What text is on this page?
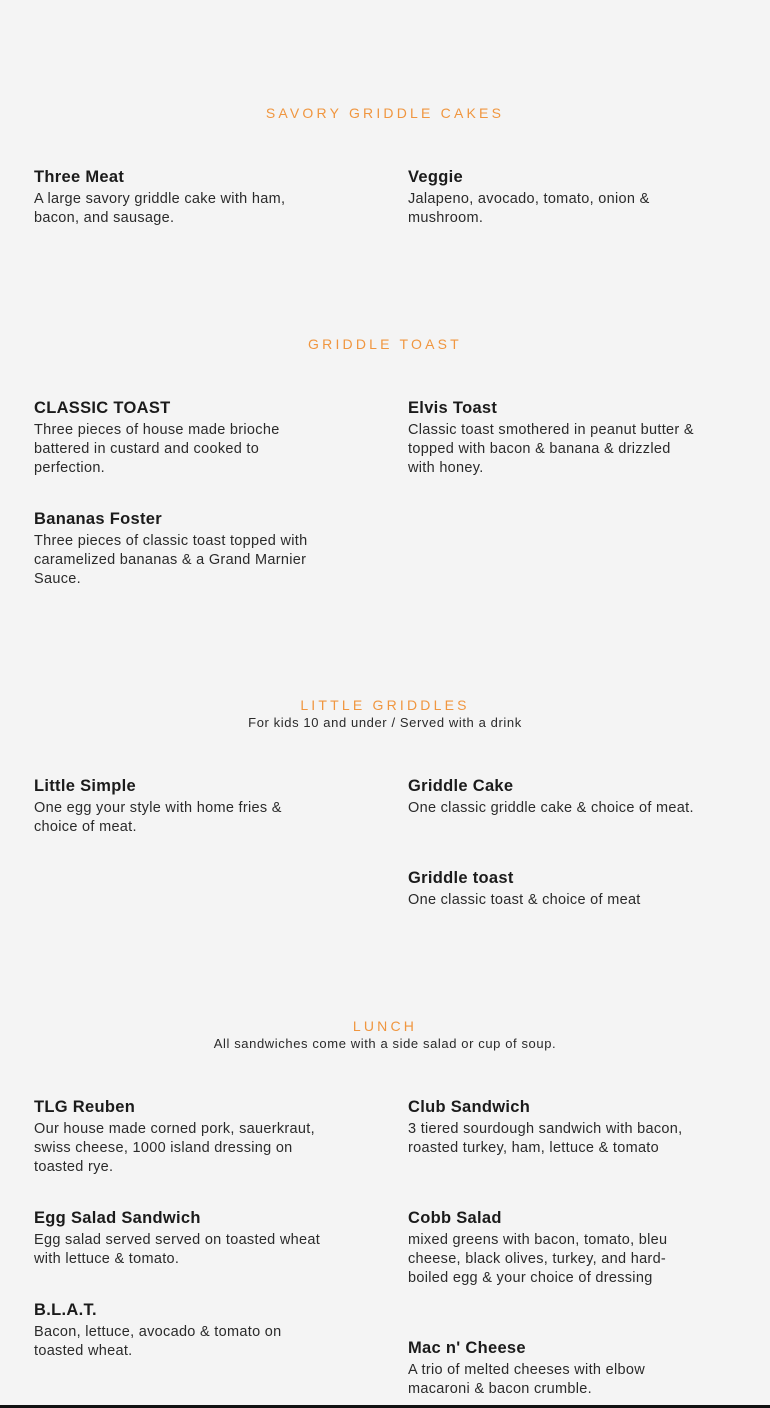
SAVORY GRIDDLE CAKES

Three Meat

A large savory griddle cake with ham, bacon, and sausage.

Veggie

Jalapeno, avocado, tomato, onion & mushroom.

GRIDDLE TOAST

CLASSIC TOAST

Three pieces of house made brioche battered in custard and cooked to perfection.

Elvis Toast

Classic toast smothered in peanut butter & topped with bacon & banana & drizzled with honey.

Bananas Foster

Three pieces of classic toast topped with caramelized bananas & a Grand Marnier Sauce.

LITTLE GRIDDLES

For kids 10 and under / Served with a drink

Little Simple

One egg your style with home fries & choice of meat.

Griddle Cake

One classic griddle cake & choice of meat.

Griddle toast

One classic toast & choice of meat

LUNCH

All sandwiches come with a side salad or cup of soup.

TLG Reuben

Our house made corned pork, sauerkraut, swiss cheese, 1000 island dressing on toasted rye.

Club Sandwich

3 tiered sourdough sandwich with bacon, roasted turkey, ham, lettuce & tomato

Egg Salad Sandwich

Egg salad served served on toasted wheat with lettuce & tomato.

Cobb Salad

mixed greens with bacon, tomato, bleu cheese, black olives, turkey, and hard-boiled egg & your choice of dressing

B.L.A.T.

Bacon, lettuce, avocado & tomato on toasted wheat.	Mac n' Cheese

A trio of melted cheeses with elbow macaroni & bacon crumble.
